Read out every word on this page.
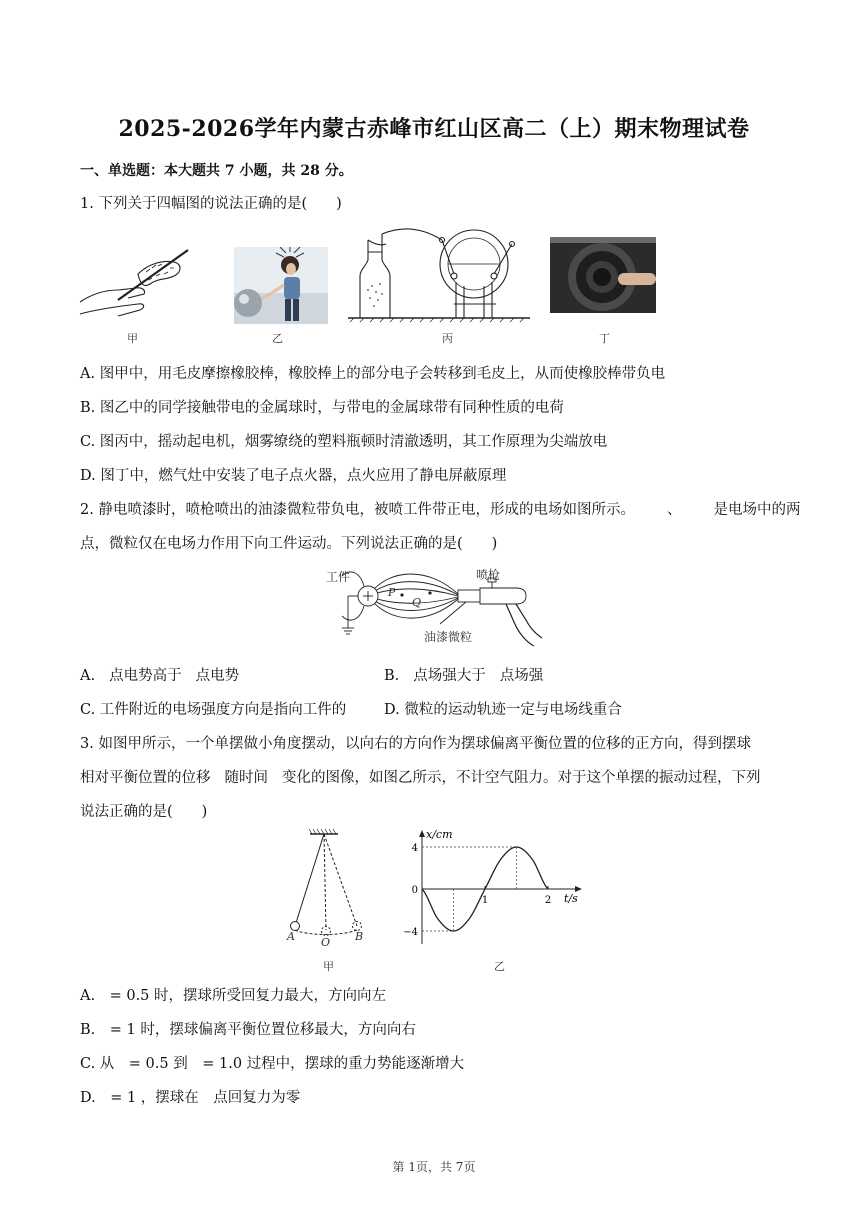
2025-2026学年内蒙古赤峰市红山区高二（上）期末物理试卷
一、单选题：本大题共 7 小题，共 28 分。
1. 下列关于四幅图的说法正确的是(　　)
甲	乙	丙	丁
A. 图甲中，用毛皮摩擦橡胶棒，橡胶棒上的部分电子会转移到毛皮上，从而使橡胶棒带负电
B. 图乙中的同学接触带电的金属球时，与带电的金属球带有同种性质的电荷
C. 图丙中，摇动起电机，烟雾缭绕的塑料瓶顿时清澈透明，其工作原理为尖端放电
D. 图丁中，燃气灶中安装了电子点火器，点火应用了静电屏蔽原理
2. 静电喷漆时，喷枪喷出的油漆微粒带负电，被喷工件带正电，形成的电场如图所示。 、 是电场中的两
点，微粒仅在电场力作用下向工件运动。下列说法正确的是(　　)
工件	喷枪
油漆微粒
P
Q
A. 点电势高于 点电势	B. 点场强大于 点场强
C. 工件附近的电场强度方向是指向工件的	D. 微粒的运动轨迹一定与电场线重合
3. 如图甲所示，一个单摆做小角度摆动，以向右的方向作为摆球偏离平衡位置的位移的正方向，得到摆球
相对平衡位置的位移 随时间 变化的图像，如图乙所示，不计空气阻力。对于这个单摆的振动过程，下列
说法正确的是(　　)
A O B
甲
x/cm
t/s
4
0
−4
1	2
乙
A.　= 0.5 时，摆球所受回复力最大，方向向左
B.　= 1 时，摆球偏离平衡位置位移最大，方向向右
C. 从　= 0.5 到　= 1.0 过程中，摆球的重力势能逐渐增大
D.　= 1 ，摆球在　点回复力为零
第 1页，共 7页
